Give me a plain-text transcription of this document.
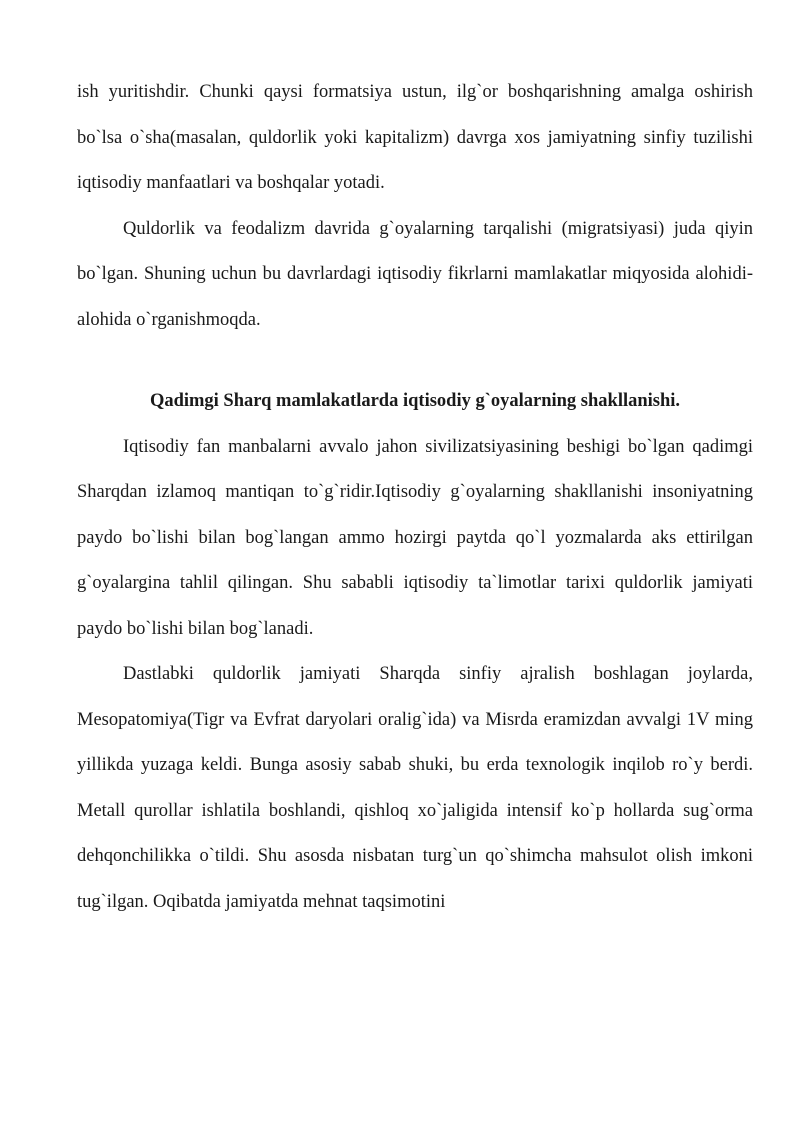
ish yuritishdir. Chunki qaysi formatsiya ustun, ilg`or boshqarishning amalga oshirish bo`lsa o`sha(masalan, quldorlik yoki kapitalizm) davrga xos jamiyatning sinfiy tuzilishi iqtisodiy manfaatlari va boshqalar yotadi.

Quldorlik va feodalizm davrida g`oyalarning tarqalishi (migratsiyasi) juda qiyin bo`lgan. Shuning uchun bu davrlardagi iqtisodiy fikrlarni mamlakatlar miqyosida alohidi-alohida o`rganishmoqda.

Qadimgi Sharq mamlakatlarda iqtisodiy g`oyalarning shakllanishi.

Iqtisodiy fan manbalarni avvalo jahon sivilizatsiyasining beshigi bo`lgan qadimgi Sharqdan izlamoq mantiqan to`g`ridir.Iqtisodiy g`oyalarning shakllanishi insoniyatning paydo bo`lishi bilan bog`langan ammo hozirgi paytda qo`l yozmalarda aks ettirilgan g`oyalargina tahlil qilingan. Shu sababli iqtisodiy ta`limotlar tarixi quldorlik jamiyati paydo bo`lishi bilan bog`lanadi.

Dastlabki quldorlik jamiyati Sharqda sinfiy ajralish boshlagan joylarda, Mesopatomiya(Tigr va Evfrat daryolari oralig`ida) va Misrda eramizdan avvalgi 1V ming yillikda yuzaga keldi. Bunga asosiy sabab shuki, bu erda texnologik inqilob ro`y berdi. Metall qurollar ishlatila boshlandi, qishloq xo`jaligida intensif ko`p hollarda sug`orma dehqonchilikka o`tildi. Shu asosda nisbatan turg`un qo`shimcha mahsulot olish imkoni tug`ilgan. Oqibatda jamiyatda mehnat taqsimotini
